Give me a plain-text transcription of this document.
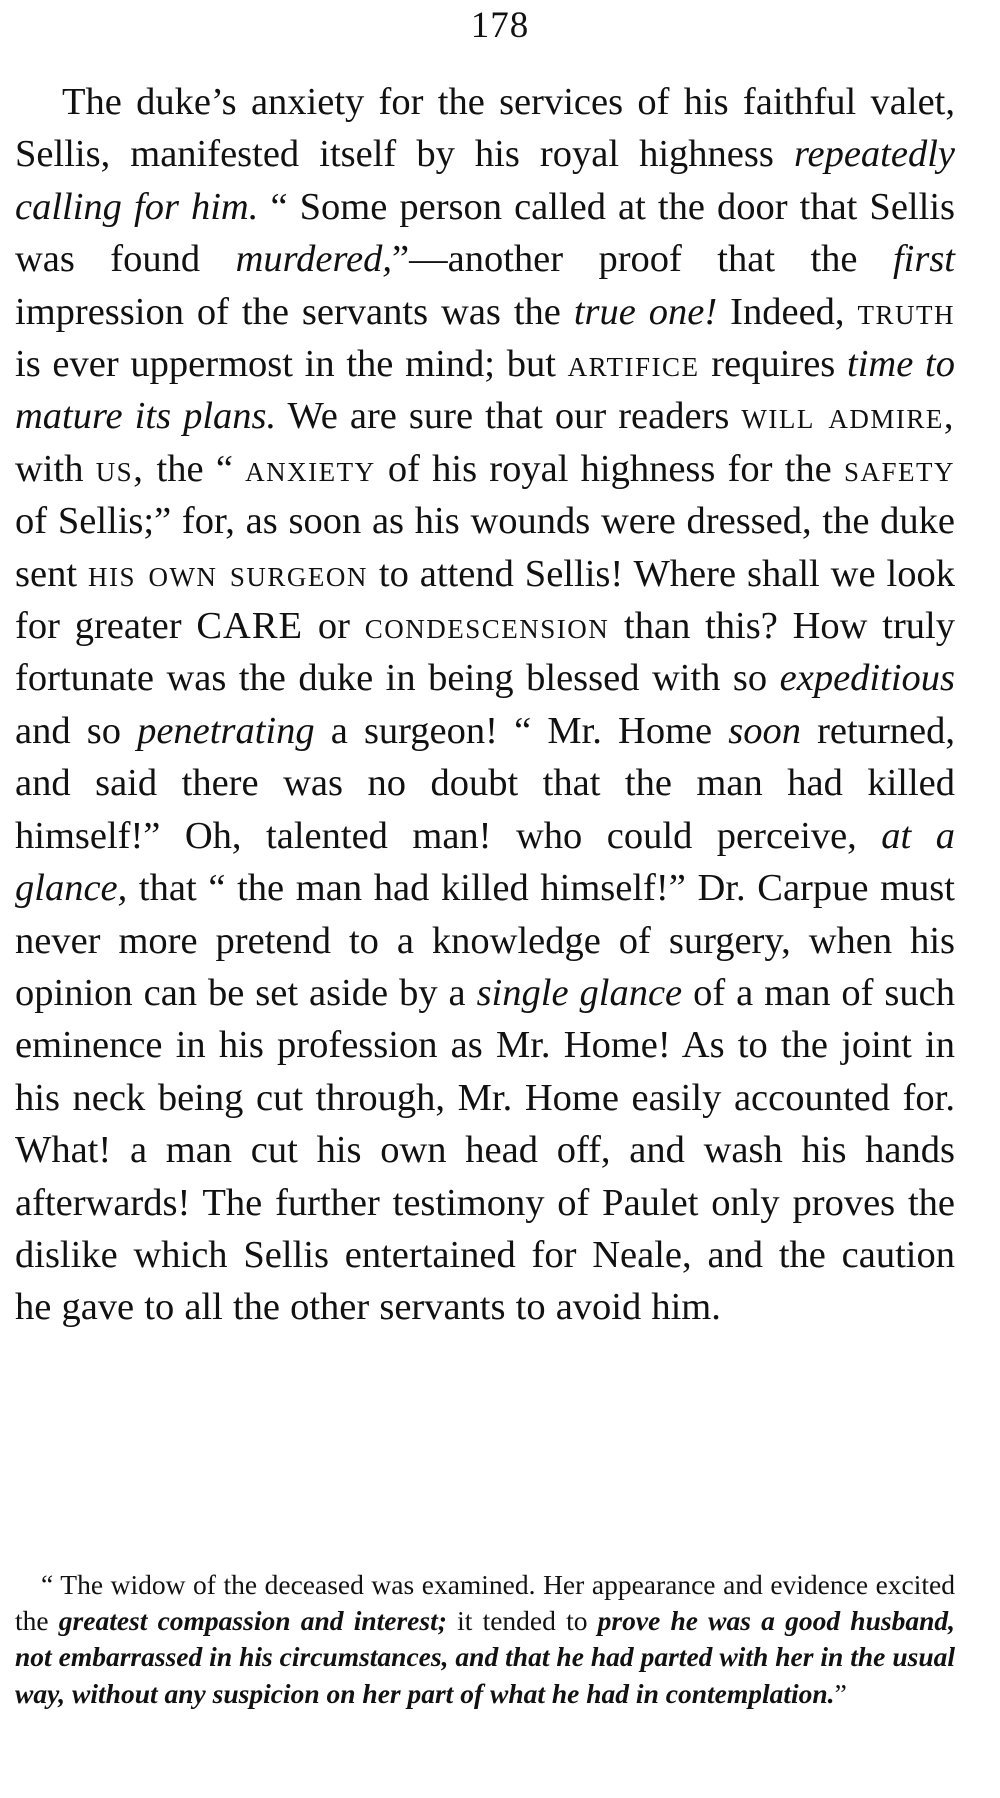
178
The duke’s anxiety for the services of his faithful valet, Sellis, manifested itself by his royal highness repeatedly calling for him. “ Some person called at the door that Sellis was found murdered,”—another proof that the first impression of the servants was the true one! Indeed, truth is ever uppermost in the mind; but artifice requires time to mature its plans. We are sure that our readers will admire, with us, the “ anxiety of his royal highness for the safety of Sellis;” for, as soon as his wounds were dressed, the duke sent his own surgeon to attend Sellis! Where shall we look for greater CARE or condescension than this? How truly fortunate was the duke in being blessed with so expeditious and so penetrating a surgeon! “ Mr. Home soon returned, and said there was no doubt that the man had killed himself!” Oh, talented man! who could perceive, at a glance, that “ the man had killed himself!” Dr. Carpue must never more pretend to a knowledge of surgery, when his opinion can be set aside by a single glance of a man of such eminence in his profession as Mr. Home! As to the joint in his neck being cut through, Mr. Home easily accounted for. What! a man cut his own head off, and wash his hands afterwards! The further testimony of Paulet only proves the dislike which Sellis entertained for Neale, and the caution he gave to all the other servants to avoid him.
“ The widow of the deceased was examined. Her appearance and evidence excited the greatest compassion and interest; it tended to prove he was a good husband, not embarrassed in his circumstances, and that he had parted with her in the usual way, without any suspicion on her part of what he had in contemplation.”
